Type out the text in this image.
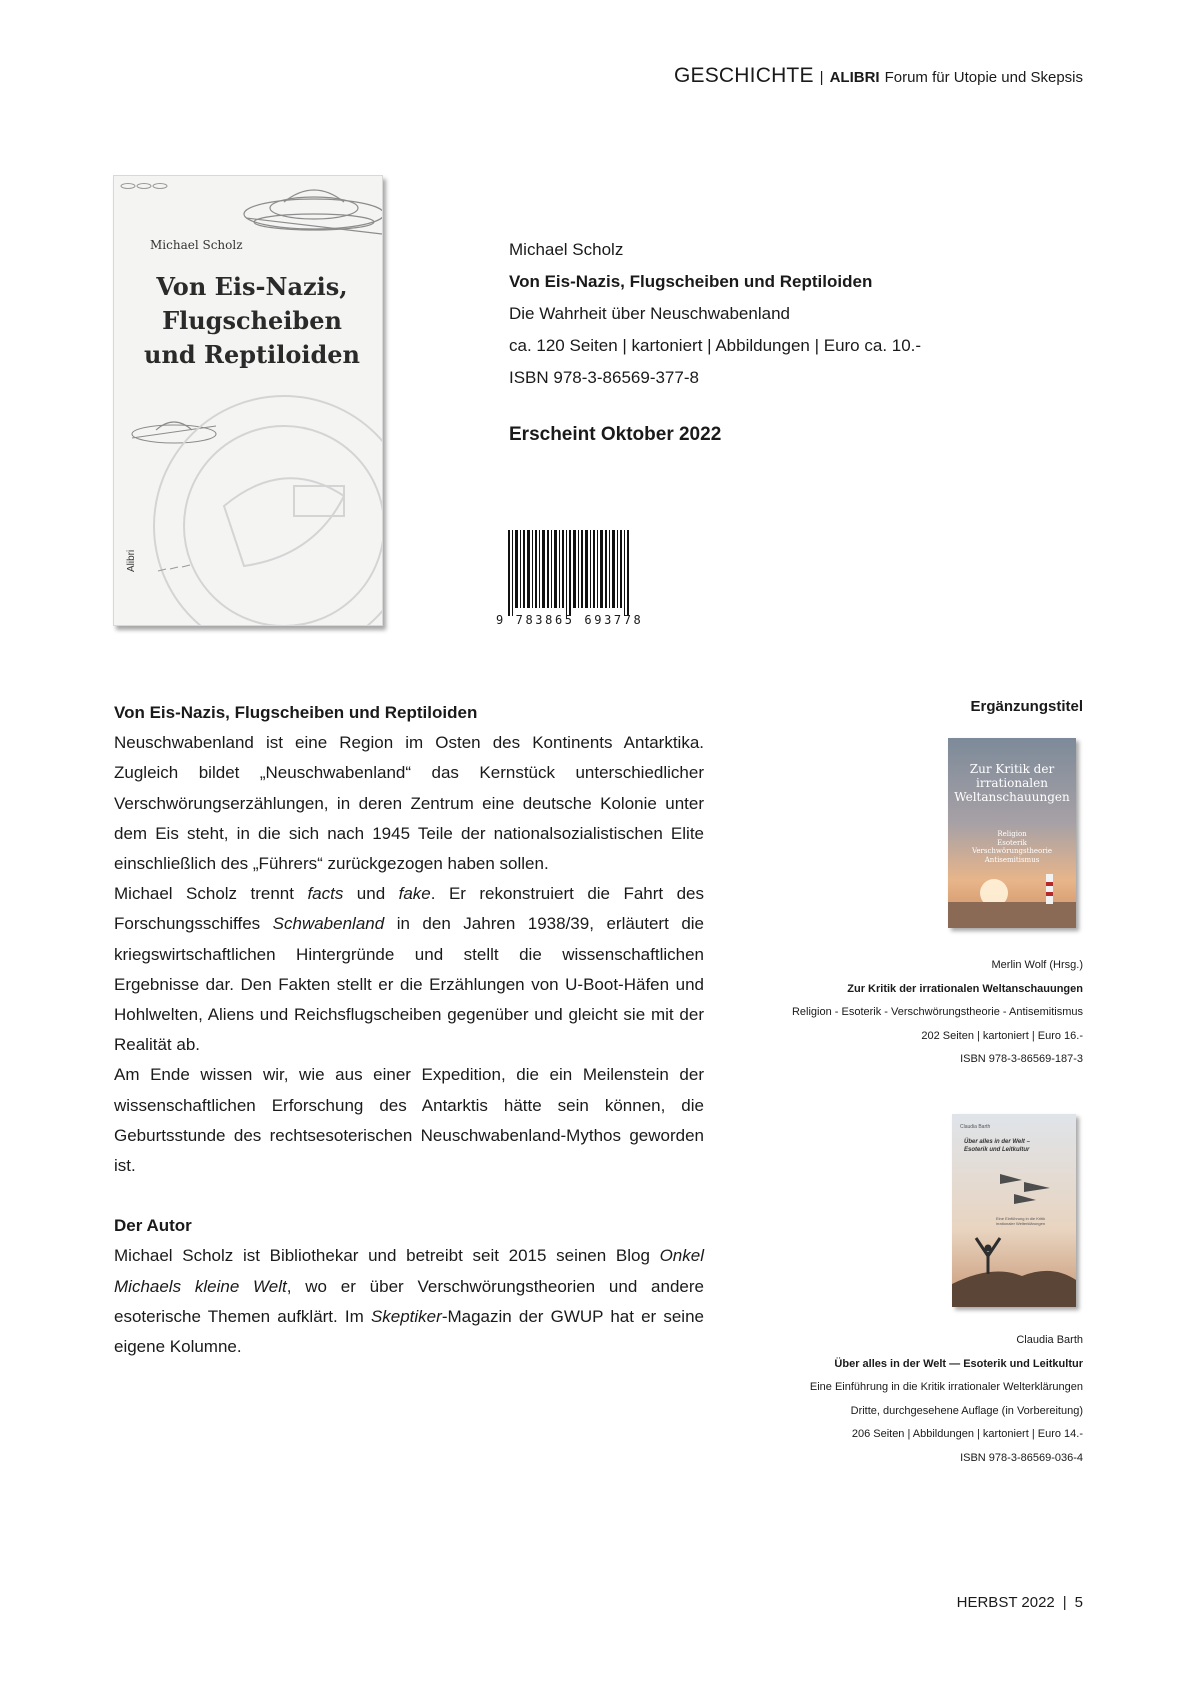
GESCHICHTE | ALIBRI Forum für Utopie und Skepsis
Michael Scholz
Von Eis-Nazis,
Flugscheiben
und Reptiloiden
Alibri
Michael Scholz
Von Eis-Nazis, Flugscheiben und Reptiloiden
Die Wahrheit über Neuschwabenland
ca. 120 Seiten | kartoniert | Abbildungen | Euro ca. 10.-
ISBN 978-3-86569-377-8
Erscheint Oktober 2022
9 783865 693778
Von Eis-Nazis, Flugscheiben und Reptiloiden

Neuschwabenland ist eine Region im Osten des Kontinents Antarktika. Zugleich bildet „Neuschwabenland“ das Kernstück unterschiedlicher Verschwörungserzählungen, in deren Zentrum eine deutsche Kolonie unter dem Eis steht, in die sich nach 1945 Teile der nationalsozialistischen Elite einschließlich des „Führers“ zurückgezogen haben sollen.

Michael Scholz trennt facts und fake. Er rekonstruiert die Fahrt des Forschungsschiffes Schwabenland in den Jahren 1938/39, erläutert die kriegswirtschaftlichen Hintergründe und stellt die wissenschaftlichen Ergebnisse dar. Den Fakten stellt er die Erzählungen von U-Boot-Häfen und Hohlwelten, Aliens und Reichsflugscheiben gegenüber und gleicht sie mit der Realität ab.

Am Ende wissen wir, wie aus einer Expedition, die ein Meilenstein der wissenschaftlichen Erforschung des Antarktis hätte sein können, die Geburtsstunde des rechtsesoterischen Neuschwabenland-Mythos geworden ist.

Der Autor

Michael Scholz ist Bibliothekar und betreibt seit 2015 seinen Blog Onkel Michaels kleine Welt, wo er über Verschwörungstheorien und andere esoterische Themen aufklärt. Im Skeptiker-Magazin der GWUP hat er seine eigene Kolumne.

Ergänzungstitel
Zur Kritik der
irrationalen
Weltanschauungen
Religion
Esoterik
Verschwörungstheorie
Antisemitismus
Merlin Wolf (Hrsg.)
Zur Kritik der irrationalen Weltanschauungen
Religion - Esoterik - Verschwörungstheorie - Antisemitismus
202 Seiten | kartoniert | Euro 16.-
ISBN 978-3-86569-187-3
Claudia Barth
Über alles in der Welt –
Esoterik und Leitkultur
Eine Einführung in die Kritik
irrationaler Welterklärungen
Claudia Barth
Über alles in der Welt — Esoterik und Leitkultur
Eine Einführung in die Kritik irrationaler Welterklärungen
Dritte, durchgesehene Auflage (in Vorbereitung)
206 Seiten | Abbildungen | kartoniert | Euro 14.-
ISBN 978-3-86569-036-4
HERBST 2022 | 5
